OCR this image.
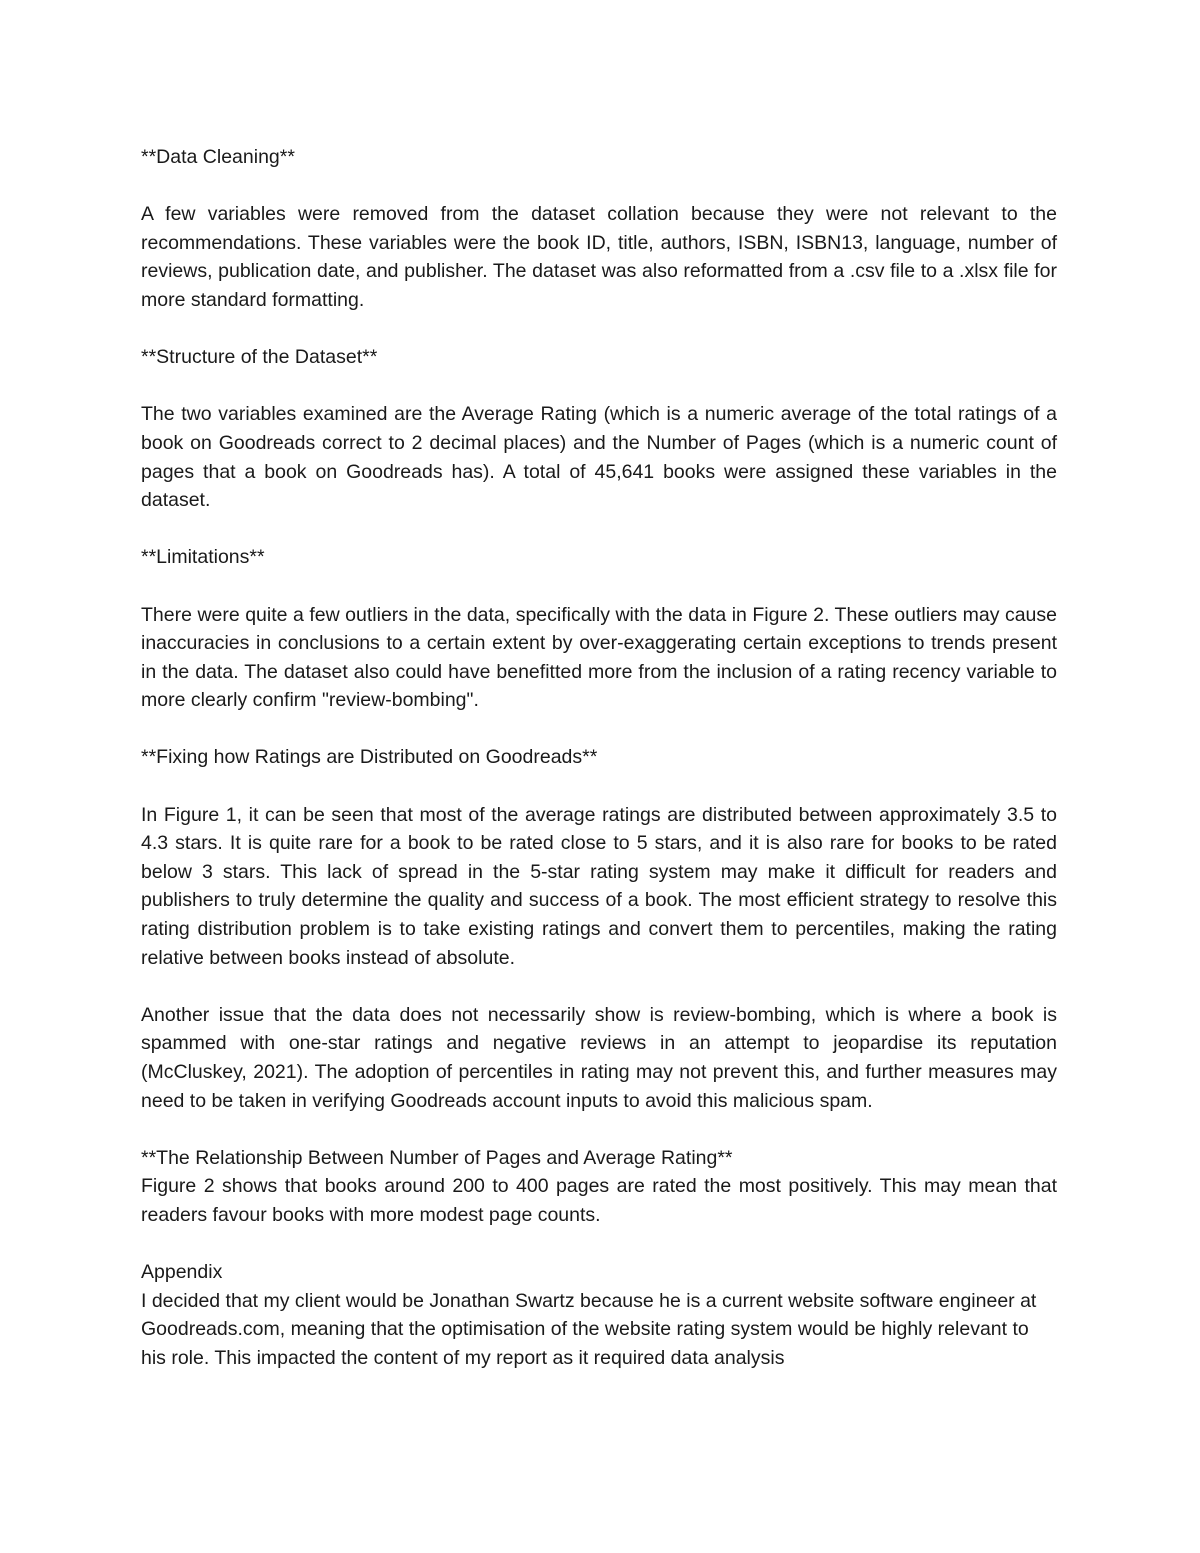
**Data Cleaning**

A few variables were removed from the dataset collation because they were not relevant to the recommendations. These variables were the book ID, title, authors, ISBN, ISBN13, language, number of reviews, publication date, and publisher. The dataset was also reformatted from a .csv file to a .xlsx file for more standard formatting.

**Structure of the Dataset**

The two variables examined are the Average Rating (which is a numeric average of the total ratings of a book on Goodreads correct to 2 decimal places) and the Number of Pages (which is a numeric count of pages that a book on Goodreads has). A total of 45,641 books were assigned these variables in the dataset.

**Limitations**

There were quite a few outliers in the data, specifically with the data in Figure 2. These outliers may cause inaccuracies in conclusions to a certain extent by over-exaggerating certain exceptions to trends present in the data. The dataset also could have benefitted more from the inclusion of a rating recency variable to more clearly confirm "review-bombing".

**Fixing how Ratings are Distributed on Goodreads**

In Figure 1, it can be seen that most of the average ratings are distributed between approximately 3.5 to 4.3 stars. It is quite rare for a book to be rated close to 5 stars, and it is also rare for books to be rated below 3 stars. This lack of spread in the 5-star rating system may make it difficult for readers and publishers to truly determine the quality and success of a book. The most efficient strategy to resolve this rating distribution problem is to take existing ratings and convert them to percentiles, making the rating relative between books instead of absolute.

Another issue that the data does not necessarily show is review-bombing, which is where a book is spammed with one-star ratings and negative reviews in an attempt to jeopardise its reputation (McCluskey, 2021). The adoption of percentiles in rating may not prevent this, and further measures may need to be taken in verifying Goodreads account inputs to avoid this malicious spam.

**The Relationship Between Number of Pages and Average Rating**

Figure 2 shows that books around 200 to 400 pages are rated the most positively. This may mean that readers favour books with more modest page counts.

Appendix

I decided that my client would be Jonathan Swartz because he is a current website software engineer at Goodreads.com, meaning that the optimisation of the website rating system would be highly relevant to his role. This impacted the content of my report as it required data analysis
